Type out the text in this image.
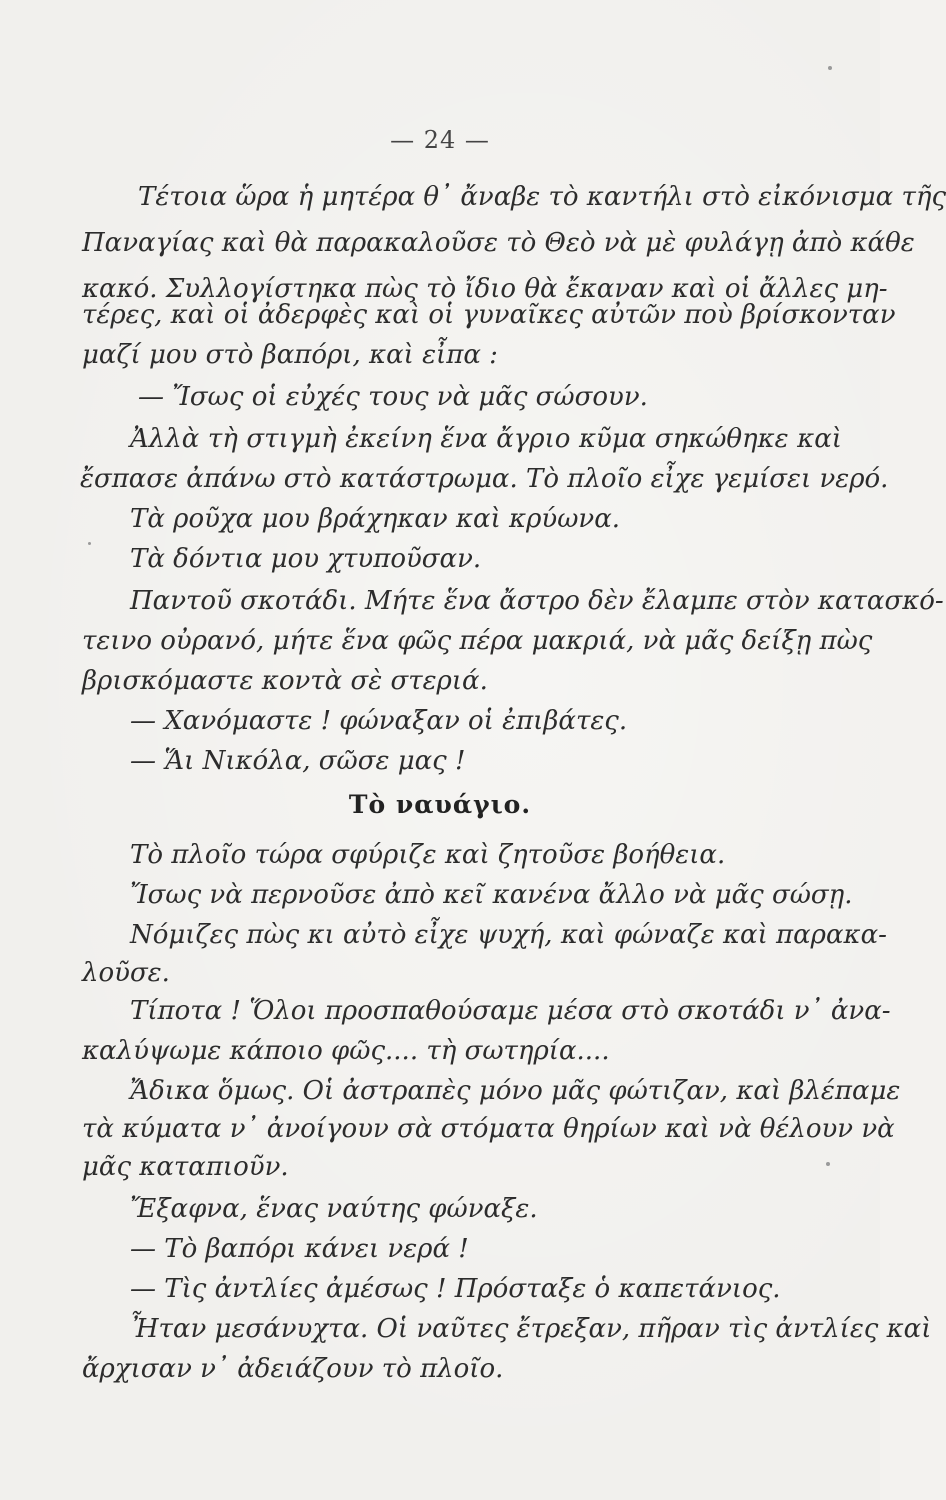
— 24 —
Τέτοια ὥρα ἡ μητέρα θ᾽ ἄναβε τὸ καντήλι στὸ εἰκόνισμα τῆς
Παναγίας καὶ θὰ παρακαλοῦσε τὸ Θεὸ νὰ μὲ φυλάγῃ ἀπὸ κάθε
κακό. Συλλογίστηκα πὼς τὸ ἴδιο θὰ ἔκαναν καὶ οἱ ἄλλες μη-
τέρες, καὶ οἱ ἀδερφὲς καὶ οἱ γυναῖκες αὐτῶν ποὺ βρίσκονταν
μαζί μου στὸ βαπόρι, καὶ εἶπα :
— Ἴσως οἱ εὐχές τους νὰ μᾶς σώσουν.
Ἀλλὰ τὴ στιγμὴ ἐκείνη ἕνα ἄγριο κῦμα σηκώθηκε καὶ
ἔσπασε ἀπάνω στὸ κατάστρωμα. Τὸ πλοῖο εἶχε γεμίσει νερό.
Τὰ ροῦχα μου βράχηκαν καὶ κρύωνα.
Τὰ δόντια μου χτυποῦσαν.
Παντοῦ σκοτάδι. Μήτε ἕνα ἄστρο δὲν ἔλαμπε στὸν κατασκό-
τεινο οὐρανό, μήτε ἕνα φῶς πέρα μακριά, νὰ μᾶς δείξῃ πὼς
βρισκόμαστε κοντὰ σὲ στεριά.
— Χανόμαστε ! φώναξαν οἱ ἐπιβάτες.
— Ἅι Νικόλα, σῶσε μας !
Τὸ ναυάγιο.
Τὸ πλοῖο τώρα σφύριζε καὶ ζητοῦσε βοήθεια.
Ἴσως νὰ περνοῦσε ἀπὸ κεῖ κανένα ἄλλο νὰ μᾶς σώσῃ.
Νόμιζες πὼς κι αὐτὸ εἶχε ψυχή, καὶ φώναζε καὶ παρακα-
λοῦσε.
Τίποτα ! Ὅλοι προσπαθούσαμε μέσα στὸ σκοτάδι ν᾽ ἀνα-
καλύψωμε κάποιο φῶς.... τὴ σωτηρία....
Ἄδικα ὅμως. Οἱ ἀστραπὲς μόνο μᾶς φώτιζαν, καὶ βλέπαμε
τὰ κύματα ν᾽ ἀνοίγουν σὰ στόματα θηρίων καὶ νὰ θέλουν νὰ
μᾶς καταπιοῦν.
Ἔξαφνα, ἕνας ναύτης φώναξε.
— Τὸ βαπόρι κάνει νερά !
— Τὶς ἀντλίες ἀμέσως ! Πρόσταξε ὁ καπετάνιος.
Ἦταν μεσάνυχτα. Οἱ ναῦτες ἔτρεξαν, πῆραν τὶς ἀντλίες καὶ
ἄρχισαν ν᾽ ἀδειάζουν τὸ πλοῖο.
